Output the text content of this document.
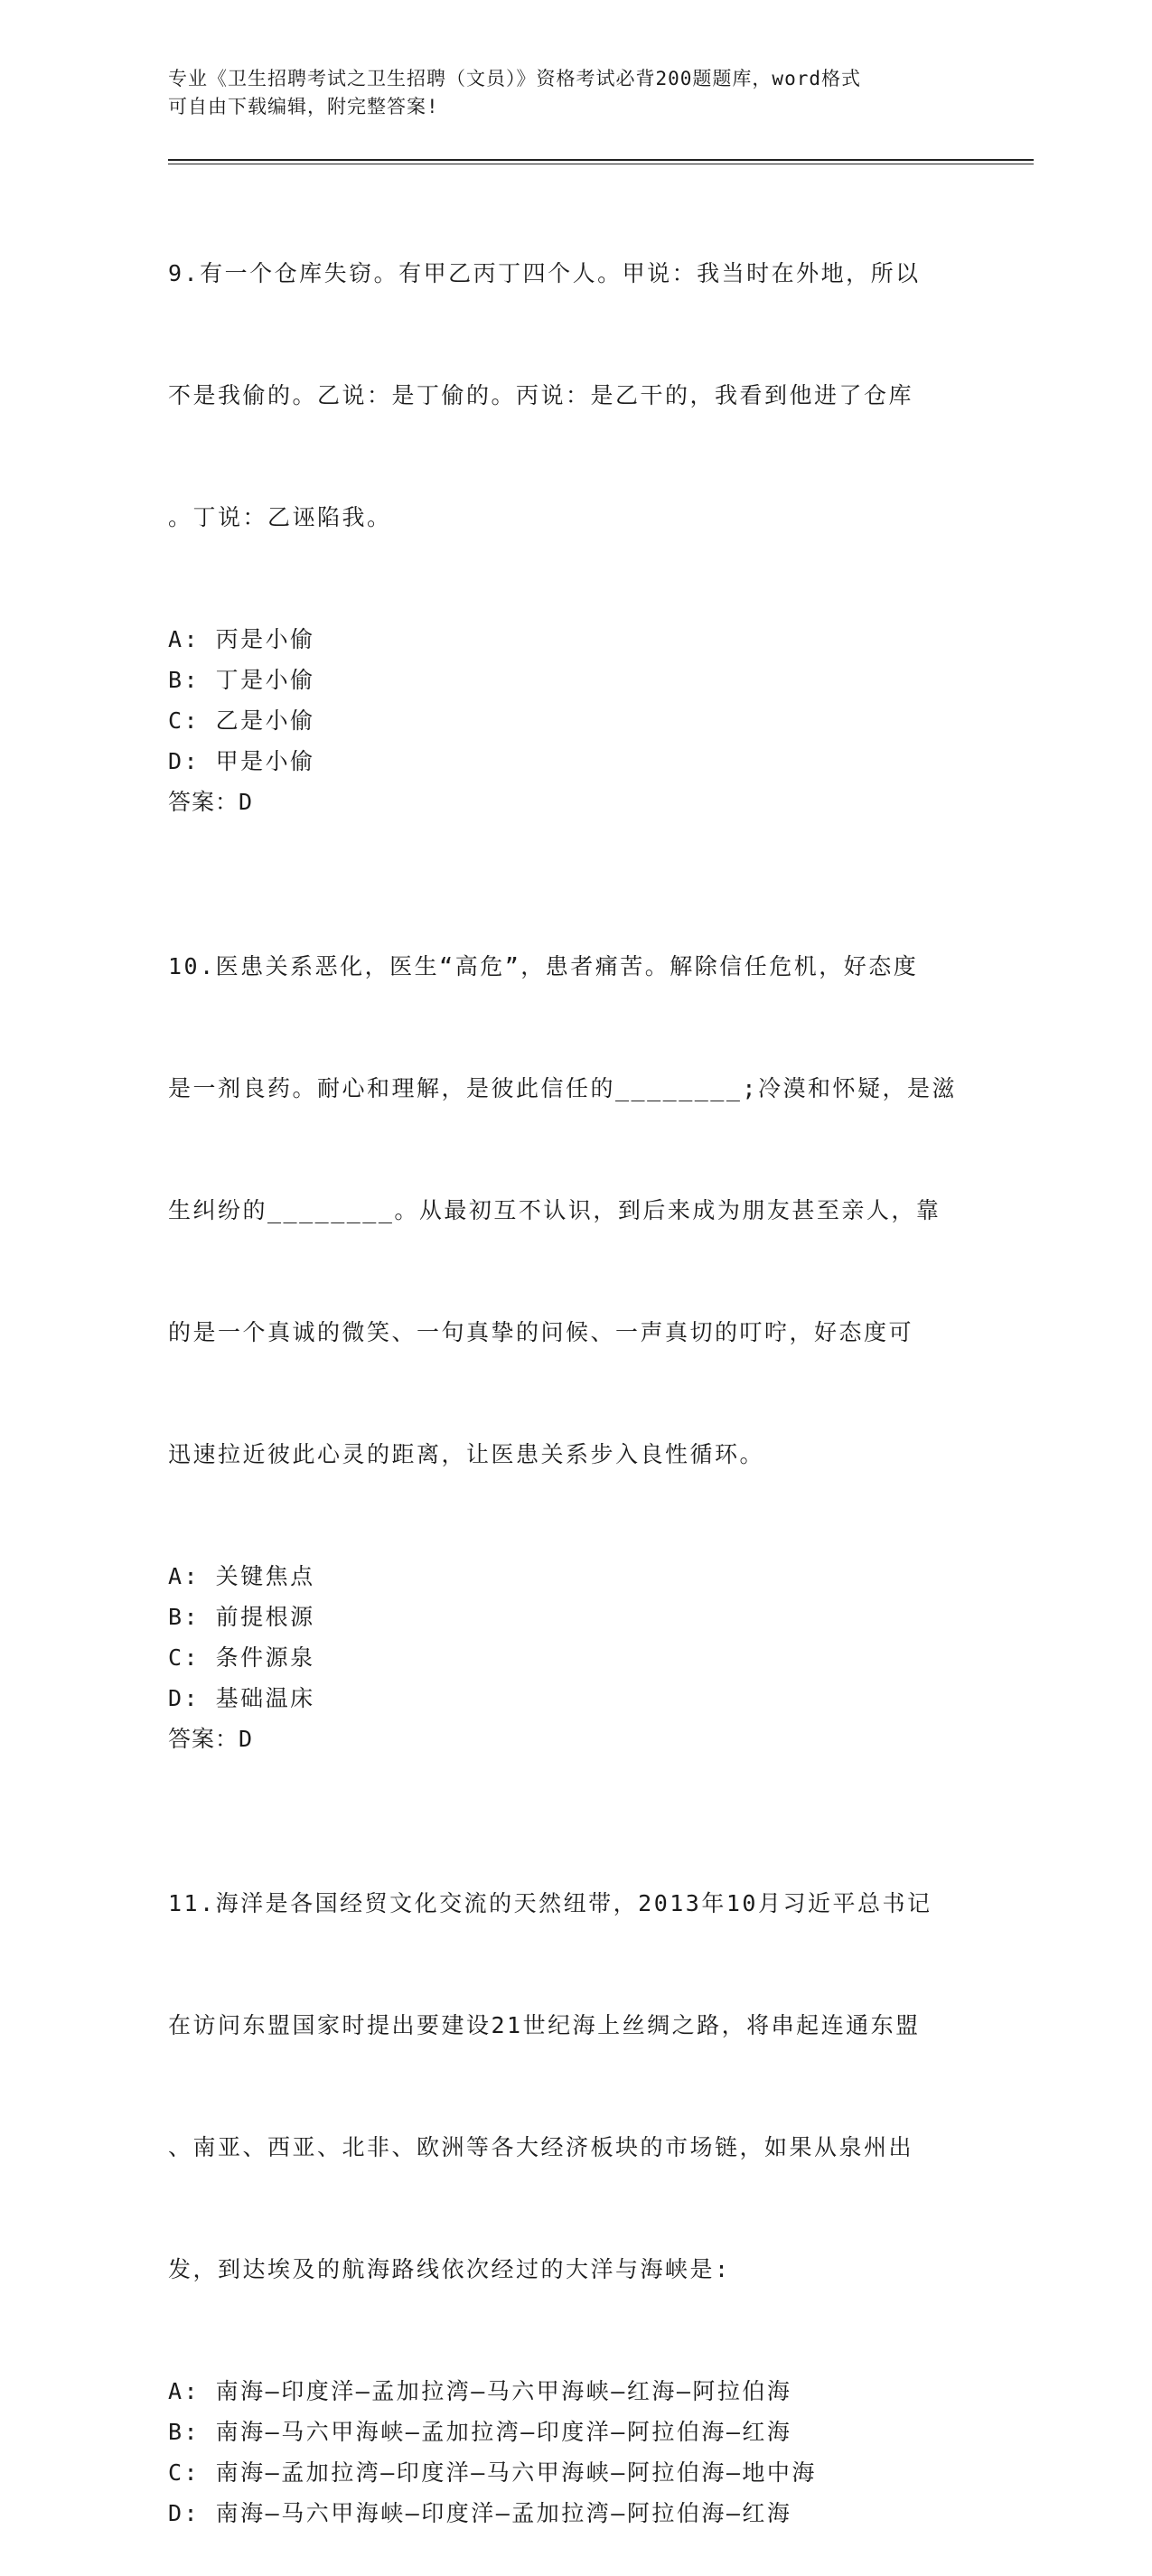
专业《卫生招聘考试之卫生招聘（文员）》资格考试必背200题题库，word格式
可自由下载编辑，附完整答案!

9.有一个仓库失窃。有甲乙丙丁四个人。甲说：我当时在外地，所以

不是我偷的。乙说：是丁偷的。丙说：是乙干的，我看到他进了仓库

。丁说：乙诬陷我。

A: 丙是小偷
B: 丁是小偷
C: 乙是小偷
D: 甲是小偷
答案：D

10.医患关系恶化，医生“高危”，患者痛苦。解除信任危机，好态度

是一剂良药。耐心和理解，是彼此信任的________;冷漠和怀疑，是滋

生纠纷的________。从最初互不认识，到后来成为朋友甚至亲人，靠

的是一个真诚的微笑、一句真挚的问候、一声真切的叮咛，好态度可

迅速拉近彼此心灵的距离，让医患关系步入良性循环。

A: 关键焦点
B: 前提根源
C: 条件源泉
D: 基础温床
答案：D

11.海洋是各国经贸文化交流的天然纽带，2013年10月习近平总书记

在访问东盟国家时提出要建设21世纪海上丝绸之路，将串起连通东盟

、南亚、西亚、北非、欧洲等各大经济板块的市场链，如果从泉州出

发，到达埃及的航海路线依次经过的大洋与海峡是:

A: 南海—印度洋—孟加拉湾—马六甲海峡—红海—阿拉伯海
B: 南海—马六甲海峡—孟加拉湾—印度洋—阿拉伯海—红海
C: 南海—孟加拉湾—印度洋—马六甲海峡—阿拉伯海—地中海
D: 南海—马六甲海峡—印度洋—孟加拉湾—阿拉伯海—红海
